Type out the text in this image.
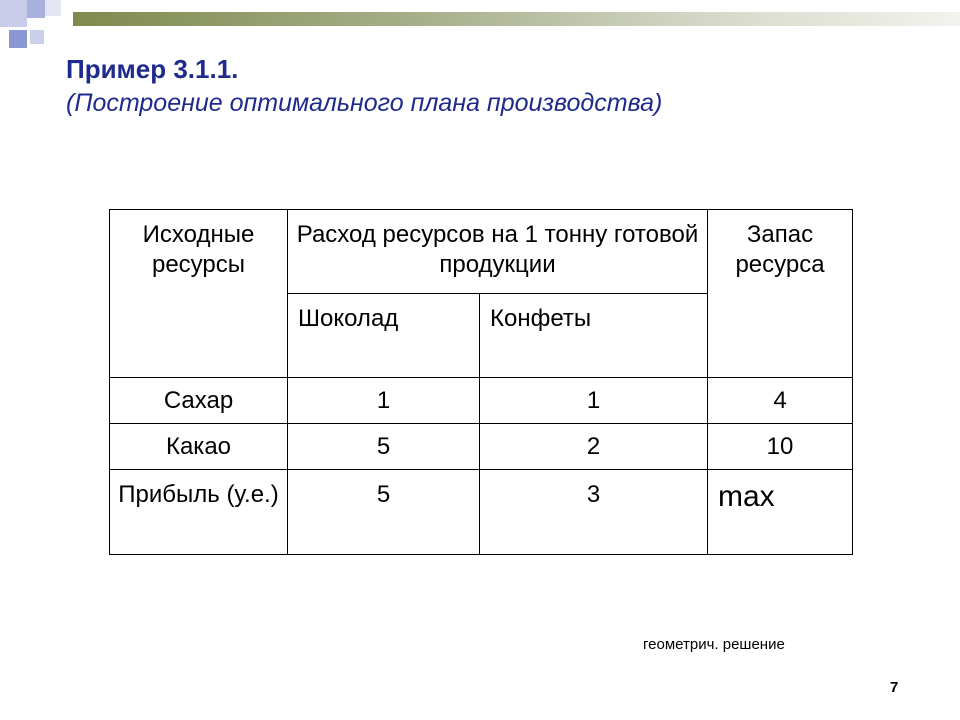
Пример 3.1.1.
(Построение оптимального плана производства)
Исходные ресурсы	Расход ресурсов на 1 тонну готовой продукции		Запас ресурса
	Шоколад	Конфеты	
Сахар	1	1	4
Какао	5	2	10
Прибыль (у.е.)	5	3	max
геометрич. решение
7
